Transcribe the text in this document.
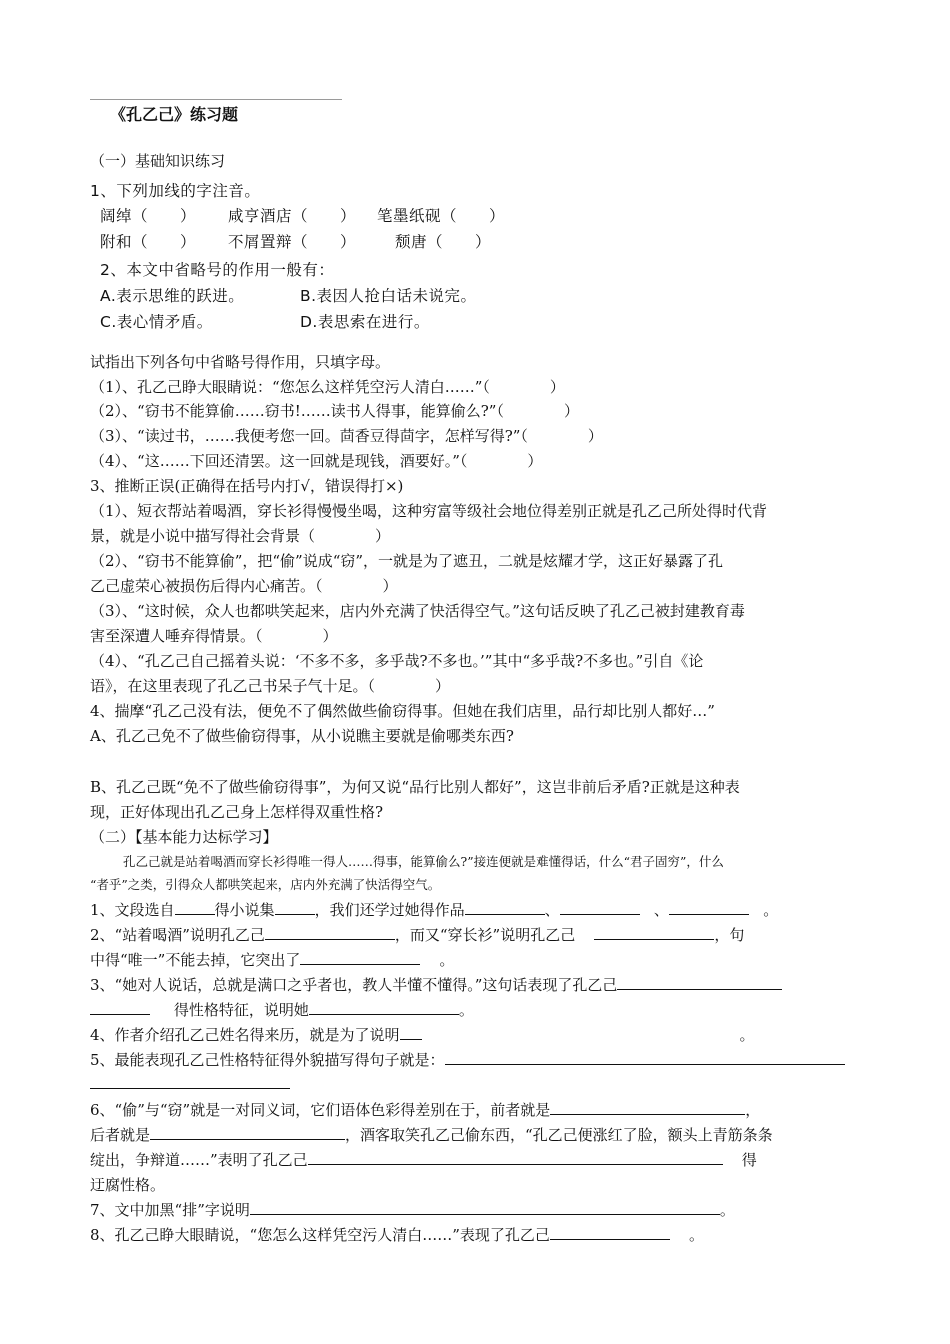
《孔乙己》练习题
（一）基础知识练习
1、下列加线的字注音。
阔绰（　　） 咸亨酒店（　　） 笔墨纸砚（　　）
附和（　　） 不屑置辩（　　）	颓唐（　　）
2、本文中省略号的作用一般有：
A.表示思维的跃进。	B.表因人抢白话未说完。
C.表心情矛盾。	D.表思索在进行。
试指出下列各句中省略号得作用，只填字母。
（1）、孔乙己睁大眼睛说：“您怎么这样凭空污人清白……”（　　　　）
（2）、“窃书不能算偷……窃书!……读书人得事，能算偷么?”（　　　　）
（3）、“读过书，……我便考您一回。茴香豆得茴字，怎样写得?”（　　　　）
（4）、“这……下回还清罢。这一回就是现钱，酒要好。”（　　　　）
3、推断正误(正确得在括号内打√，错误得打×)
（1）、短衣帮站着喝酒，穿长衫得慢慢坐喝，这种穷富等级社会地位得差别正就是孔乙己所处得时代背
景，就是小说中描写得社会背景（　　　　）
（2）、“窃书不能算偷”，把“偷”说成“窃”，一就是为了遮丑，二就是炫耀才学，这正好暴露了孔
乙己虚荣心被损伤后得内心痛苦。（　　　　）
（3）、“这时候，众人也都哄笑起来，店内外充满了快活得空气。”这句话反映了孔乙己被封建教育毒
害至深遭人唾弃得情景。（　　　　）
（4）、“孔乙己自己摇着头说：‘不多不多，多乎哉?不多也。’”其中“多乎哉?不多也。”引自《论
语》，在这里表现了孔乙己书呆子气十足。（　　　　）
4、揣摩“孔乙己没有法，便免不了偶然做些偷窃得事。但她在我们店里，品行却比别人都好…”
A、孔乙己免不了做些偷窃得事，从小说瞧主要就是偷哪类东西?
B、孔乙己既“免不了做些偷窃得事”，为何又说“品行比别人都好”，这岂非前后矛盾?正就是这种表
现，正好体现出孔乙己身上怎样得双重性格?
（二）【基本能力达标学习】
孔乙己就是站着喝酒而穿长衫得唯一得人……得事，能算偷么?”接连便就是难懂得话，什么“君子固穷”，什么
“者乎”之类，引得众人都哄笑起来，店内外充满了快活得空气。
1、文段选自	得小说集	，我们还学过她得作品	、	、	。
2、“站着喝酒”说明孔乙己	，而又“穿长衫”说明孔乙己	，句
中得“唯一”不能去掉，它突出了	。
3、“她对人说话，总就是满口之乎者也，教人半懂不懂得。”这句话表现了孔乙己
得性格特征，说明她	。
4、作者介绍孔乙己姓名得来历，就是为了说明	。
5、最能表现孔乙己性格特征得外貌描写得句子就是：
6、“偷”与“窃”就是一对同义词，它们语体色彩得差别在于，前者就是	，
后者就是	，酒客取笑孔乙己偷东西，“孔乙己便涨红了脸，额头上青筋条条
绽出，争辩道……”表明了孔乙己	得
迂腐性格。
7、文中加黑“排”字说明	。
8、孔乙己睁大眼睛说，“您怎么这样凭空污人清白……”表现了孔乙己	。
